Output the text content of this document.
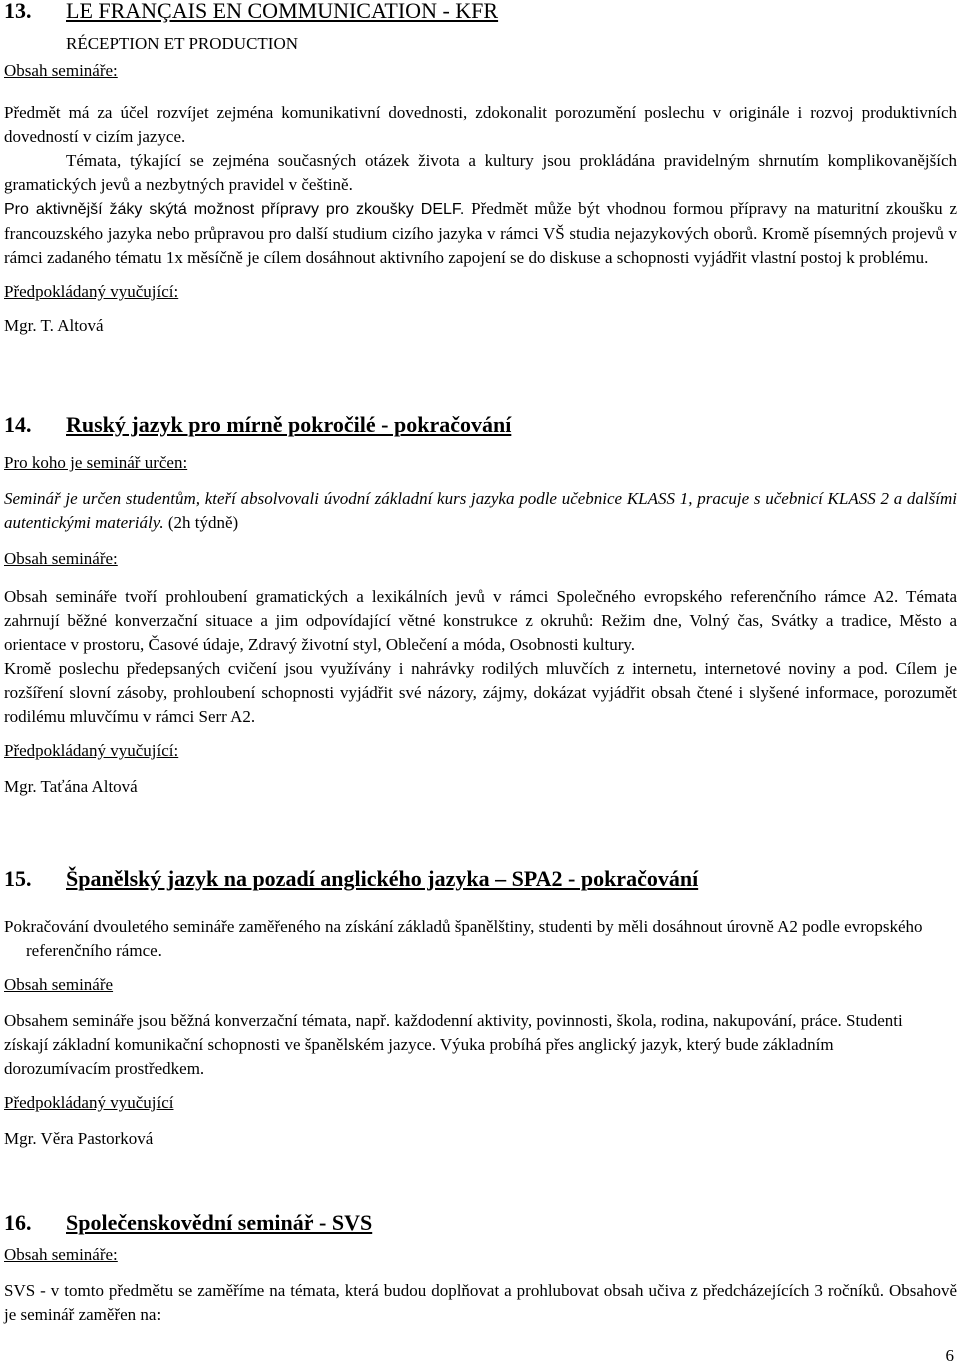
13.	LE FRANÇAIS EN COMMUNICATION - KFR
RÉCEPTION ET PRODUCTION
Obsah semináře:

Předmět má za účel rozvíjet zejména komunikativní dovednosti, zdokonalit porozumění poslechu v originále i rozvoj produktivních dovedností v cizím jazyce.

Témata, týkající se zejména současných otázek života a kultury jsou prokládána pravidelným shrnutím komplikovanějších gramatických jevů a nezbytných pravidel v češtině.

Pro aktivnější žáky skýtá možnost přípravy pro zkoušky DELF. Předmět může být vhodnou formou přípravy na maturitní zkoušku z francouzského jazyka nebo průpravou pro další studium cizího jazyka v rámci VŠ studia nejazykových oborů. Kromě písemných projevů v rámci zadaného tématu 1x měsíčně je cílem dosáhnout aktivního zapojení se do diskuse a schopnosti vyjádřit vlastní postoj k problému.

Předpokládaný vyučující:
Mgr. T. Altová
14.	Ruský jazyk pro mírně pokročilé - pokračování
Pro koho je seminář určen:

Seminář je určen studentům, kteří absolvovali úvodní základní kurs jazyka podle učebnice KLASS 1, pracuje s učebnicí KLASS 2 a dalšími autentickými materiály. (2h týdně)

Obsah semináře:

Obsah semináře tvoří prohloubení gramatických a lexikálních jevů v rámci Společného evropského referenčního rámce A2. Témata zahrnují běžné konverzační situace a jim odpovídající větné konstrukce z okruhů: Režim dne, Volný čas, Svátky a tradice, Město a orientace v prostoru, Časové údaje, Zdravý životní styl, Oblečení a móda, Osobnosti kultury.

Kromě poslechu předepsaných cvičení jsou využívány i nahrávky rodilých mluvčích z internetu, internetové noviny a pod. Cílem je rozšíření slovní zásoby, prohloubení schopnosti vyjádřit své názory, zájmy, dokázat vyjádřit obsah čtené i slyšené informace, porozumět rodilému mluvčímu v rámci Serr A2.

Předpokládaný vyučující:
Mgr. Taťána Altová
15.	Španělský jazyk na pozadí anglického jazyka – SPA2 - pokračování

Pokračování dvouletého semináře zaměřeného na získání základů španělštiny, studenti by měli dosáhnout úrovně A2 podle evropského referenčního rámce.

Obsah semináře

Obsahem semináře jsou běžná konverzační témata, např. každodenní aktivity, povinnosti, škola, rodina, nakupování, práce. Studenti získají základní komunikační schopnosti ve španělském jazyce. Výuka probíhá přes anglický jazyk, který bude základním dorozumívacím prostředkem.

Předpokládaný vyučující
Mgr. Věra Pastorková
16.	Společenskovědní seminář - SVS
Obsah semináře:

SVS - v tomto předmětu se zaměříme na témata, která budou doplňovat a prohlubovat obsah učiva z předcházejících 3 ročníků. Obsahově je seminář zaměřen na:

6
